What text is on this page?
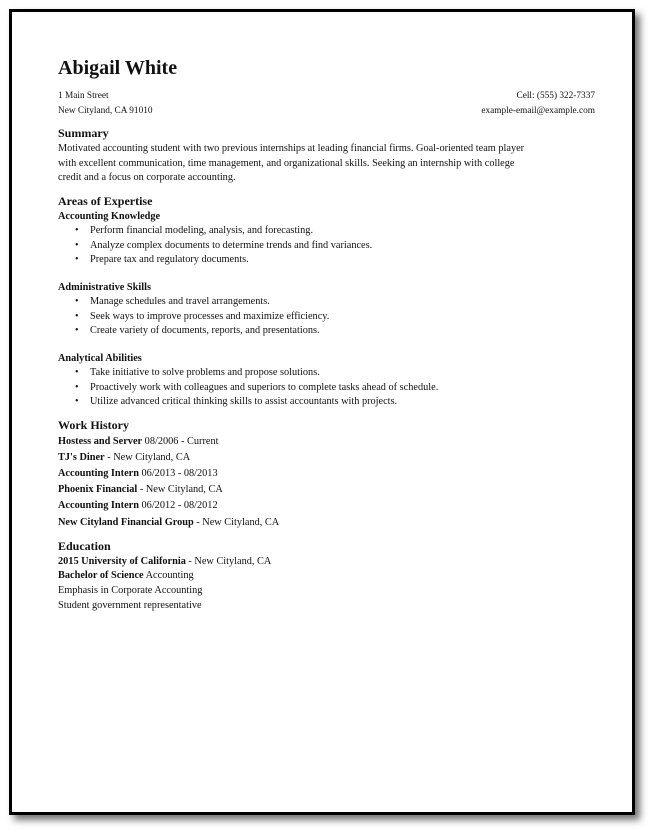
Abigail White
1 Main Street	Cell: (555) 322-7337
New Cityland, CA 91010	example-email@example.com
Summary
Motivated accounting student with two previous internships at leading financial firms. Goal-oriented team player
with excellent communication, time management, and organizational skills. Seeking an internship with college
credit and a focus on corporate accounting.
Areas of Expertise
Accounting Knowledge
• Perform financial modeling, analysis, and forecasting.
• Analyze complex documents to determine trends and find variances.
• Prepare tax and regulatory documents.
Administrative Skills
• Manage schedules and travel arrangements.
• Seek ways to improve processes and maximize efficiency.
• Create variety of documents, reports, and presentations.
Analytical Abilities
• Take initiative to solve problems and propose solutions.
• Proactively work with colleagues and superiors to complete tasks ahead of schedule.
• Utilize advanced critical thinking skills to assist accountants with projects.
Work History
Hostess and Server 08/2006 - Current
TJ's Diner - New Cityland, CA
Accounting Intern 06/2013 - 08/2013
Phoenix Financial - New Cityland, CA
Accounting Intern 06/2012 - 08/2012
New Cityland Financial Group - New Cityland, CA
Education
2015 University of California - New Cityland, CA
Bachelor of Science Accounting
Emphasis in Corporate Accounting
Student government representative
